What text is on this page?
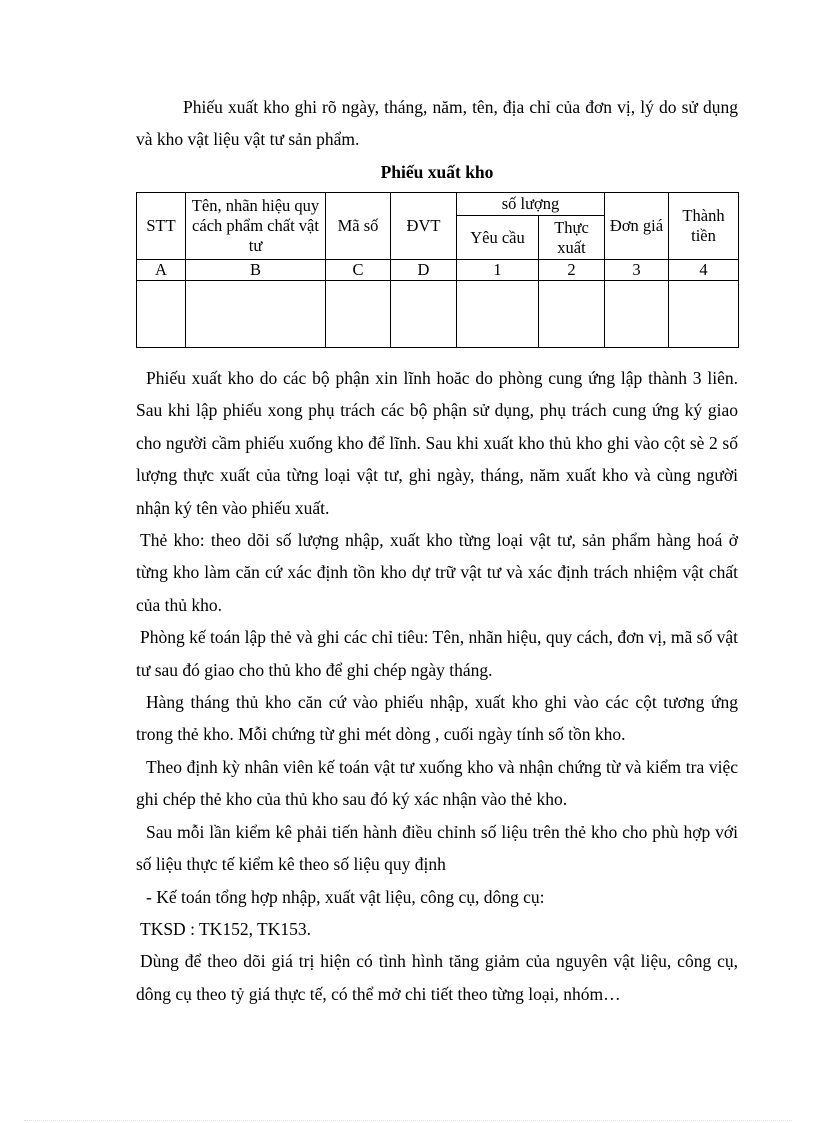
Phiếu xuất kho ghi rõ ngày, tháng, năm, tên, địa chỉ của đơn vị, lý do sử dụng và kho vật liệu vật tư sản phẩm.

Phiếu xuất kho
STT	Tên, nhãn hiệu quy cách phẩm chất vật tư	Mã số	ĐVT	số lượng		Đơn giá	Thành tiền
				Yêu cầu	Thực xuất		
A	B	C	D	1	2	3	4

Phiếu xuất kho do các bộ phận xin lĩnh hoăc do phòng cung ứng lập thành 3 liên. Sau khi lập phiếu xong phụ trách các bộ phận sử dụng, phụ trách cung ứng ký giao cho người cầm phiếu xuống kho để lĩnh. Sau khi xuất kho thủ kho ghi vào cột sè 2 số lượng thực xuất của từng loại vật tư, ghi ngày, tháng, năm xuất kho và cùng người nhận ký tên vào phiếu xuất.

Thẻ kho: theo dõi số lượng nhập, xuất kho từng loại vật tư, sản phẩm hàng hoá ở từng kho làm căn cứ xác định tồn kho dự trữ vật tư và xác định trách nhiệm vật chất của thủ kho.

Phòng kế toán lập thẻ và ghi các chỉ tiêu: Tên, nhãn hiệu, quy cách, đơn vị, mã số vật tư sau đó giao cho thủ kho để ghi chép ngày tháng.

Hàng tháng thủ kho căn cứ vào phiếu nhập, xuất kho ghi vào các cột tương ứng trong thẻ kho. Mỗi chứng từ ghi mét dòng , cuối ngày tính số tồn kho.

Theo định kỳ nhân viên kế toán vật tư xuống kho và nhận chứng từ và kiểm tra việc ghi chép thẻ kho của thủ kho sau đó ký xác nhận vào thẻ kho.

Sau mỗi lần kiểm kê phải tiến hành điều chỉnh số liệu trên thẻ kho cho phù hợp với số liệu thực tế kiểm kê theo số liệu quy định

- Kế toán tổng hợp nhập, xuất vật liệu, công cụ, dông cụ:

TKSD : TK152, TK153.

Dùng để theo dõi giá trị hiện có tình hình tăng giảm của nguyên vật liệu, công cụ, dông cụ theo tỷ giá thực tế, có thể mở chi tiết theo từng loại, nhóm…
